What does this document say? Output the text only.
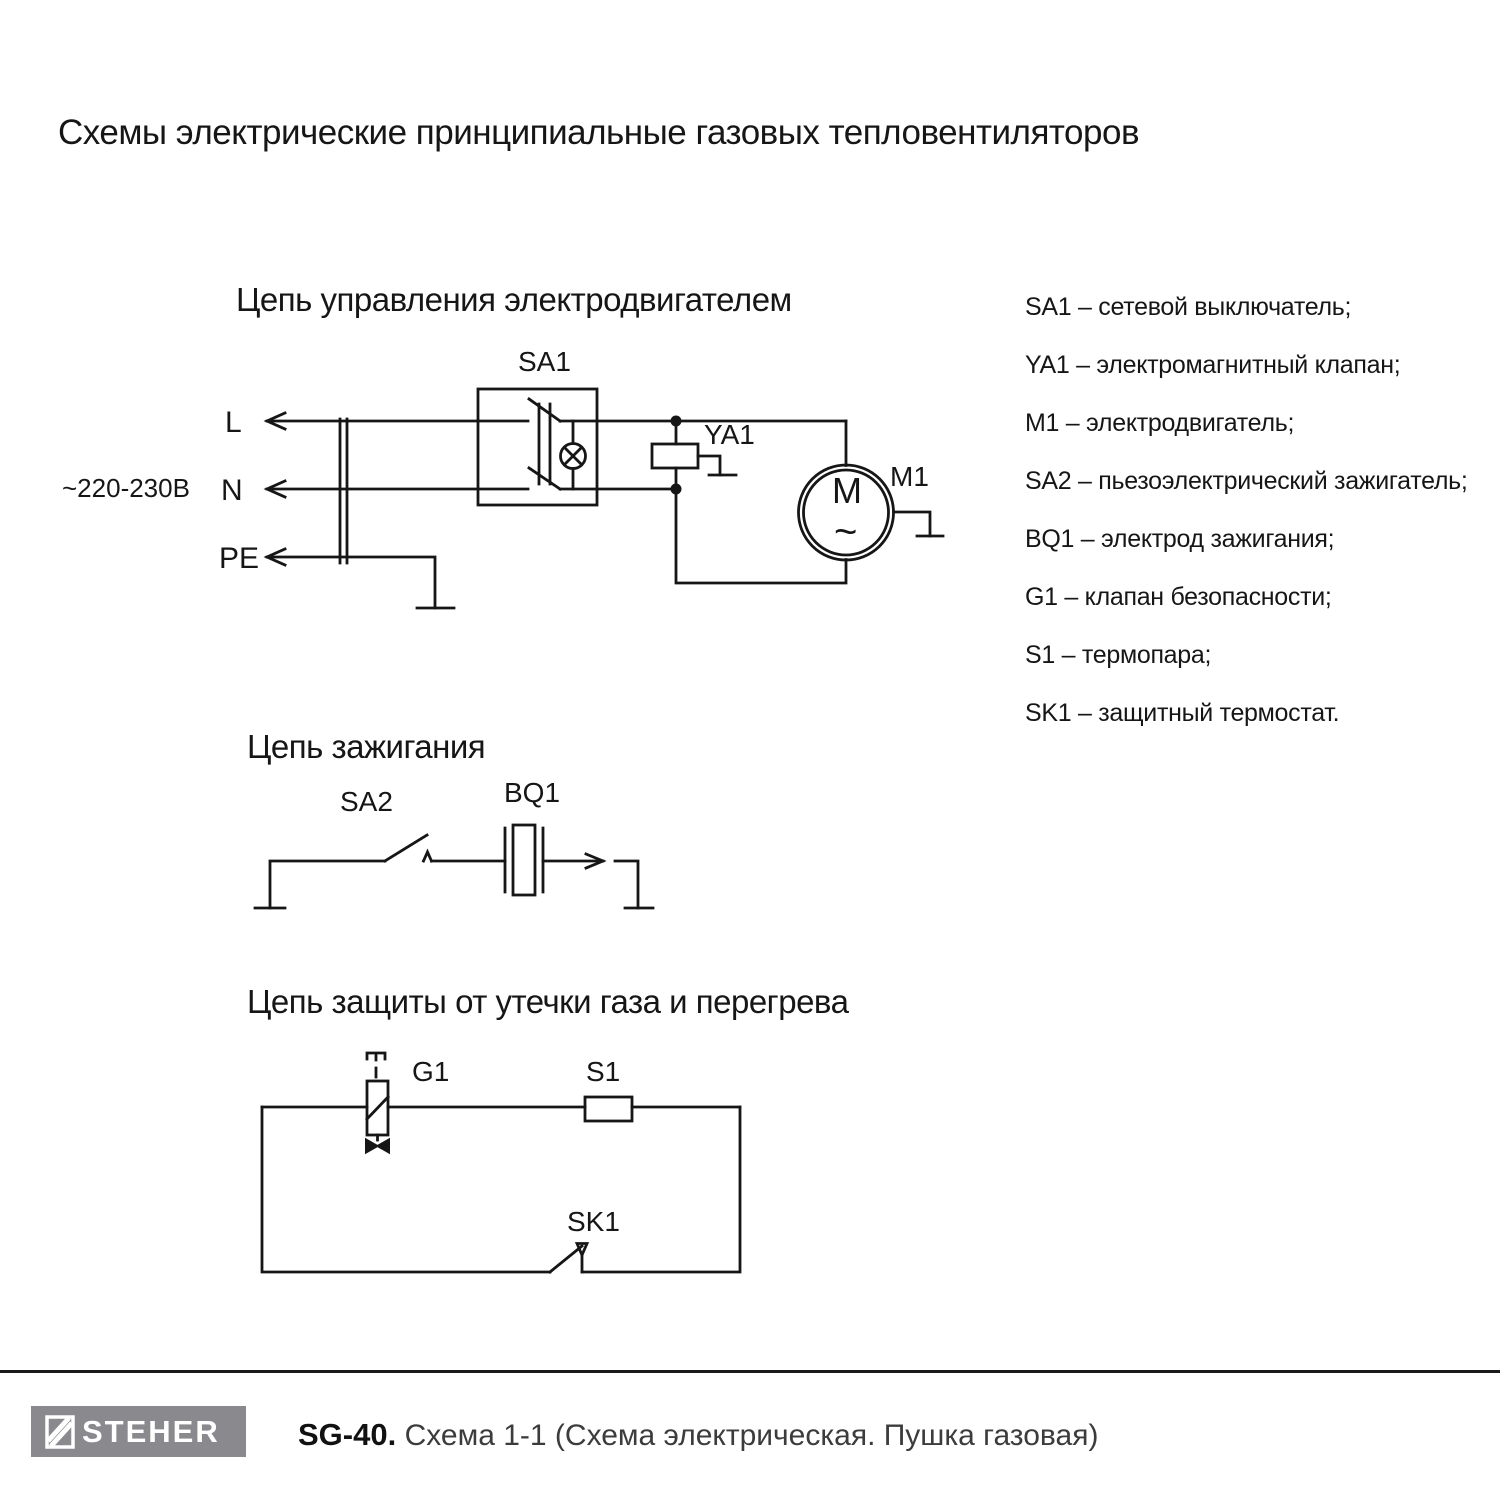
Схемы электрические принципиальные газовых тепловентиляторов
Цепь управления электродвигателем
Цепь зажигания
Цепь защиты от утечки газа и перегрева
SA1 – сетевой выключатель;
YA1 – электромагнитный клапан;
M1 – электродвигатель;
SA2 – пьезоэлектрический зажигатель;
BQ1 – электрод зажигания;
G1 – клапан безопасности;
S1 – термопара;
SK1 – защитный термостат.
~220-230В
L
N
PE
SA1
YA1
M1
M
~
SA2	BQ1
G1	S1
SK1
STEHER	SG-40. Схема 1-1 (Схема электрическая. Пушка газовая)
